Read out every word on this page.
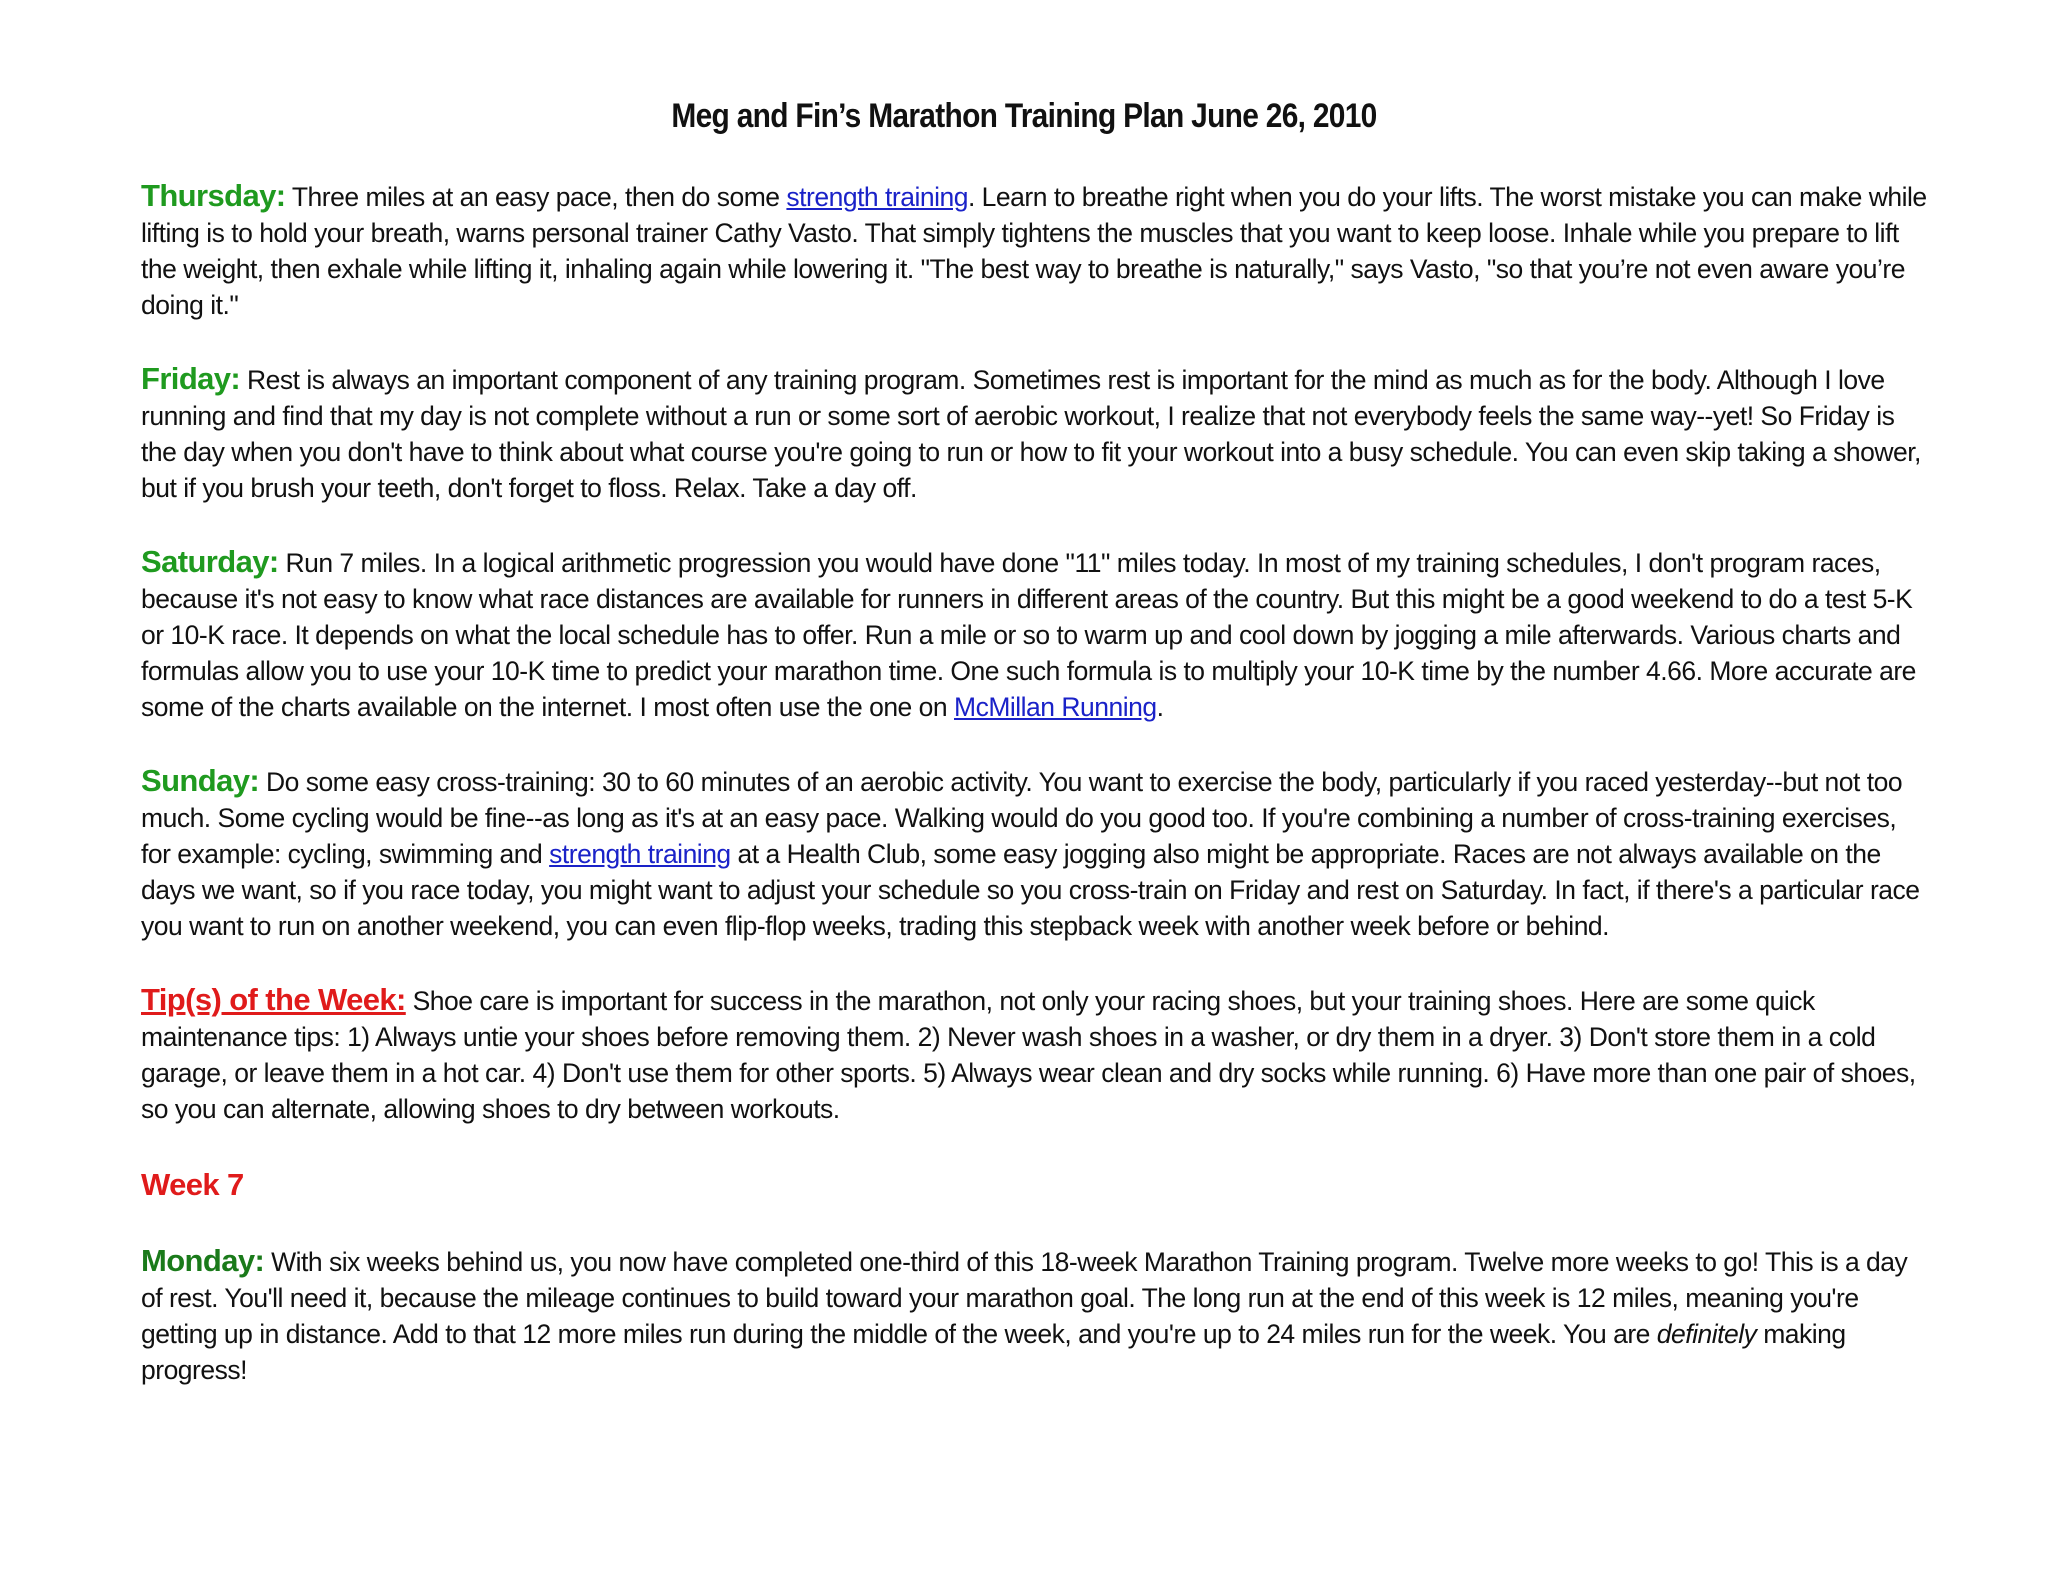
Meg and Fin’s Marathon Training Plan June 26, 2010

Thursday: Three miles at an easy pace, then do some strength training. Learn to breathe right when you do your lifts. The worst mistake you can make while lifting is to hold your breath, warns personal trainer Cathy Vasto. That simply tightens the muscles that you want to keep loose. Inhale while you prepare to lift the weight, then exhale while lifting it, inhaling again while lowering it. "The best way to breathe is naturally," says Vasto, "so that you’re not even aware you’re doing it."

Friday: Rest is always an important component of any training program. Sometimes rest is important for the mind as much as for the body. Although I love running and find that my day is not complete without a run or some sort of aerobic workout, I realize that not everybody feels the same way--yet! So Friday is the day when you don't have to think about what course you're going to run or how to fit your workout into a busy schedule. You can even skip taking a shower, but if you brush your teeth, don't forget to floss. Relax. Take a day off.

Saturday: Run 7 miles. In a logical arithmetic progression you would have done "11" miles today. In most of my training schedules, I don't program races, because it's not easy to know what race distances are available for runners in different areas of the country. But this might be a good weekend to do a test 5-K or 10-K race. It depends on what the local schedule has to offer. Run a mile or so to warm up and cool down by jogging a mile afterwards. Various charts and formulas allow you to use your 10-K time to predict your marathon time. One such formula is to multiply your 10-K time by the number 4.66. More accurate are some of the charts available on the internet. I most often use the one on McMillan Running.

Sunday: Do some easy cross-training: 30 to 60 minutes of an aerobic activity. You want to exercise the body, particularly if you raced yesterday--but not too much. Some cycling would be fine--as long as it's at an easy pace. Walking would do you good too. If you're combining a number of cross-training exercises, for example: cycling, swimming and strength training at a Health Club, some easy jogging also might be appropriate. Races are not always available on the days we want, so if you race today, you might want to adjust your schedule so you cross-train on Friday and rest on Saturday. In fact, if there's a particular race you want to run on another weekend, you can even flip-flop weeks, trading this stepback week with another week before or behind.

Tip(s) of the Week: Shoe care is important for success in the marathon, not only your racing shoes, but your training shoes. Here are some quick maintenance tips: 1) Always untie your shoes before removing them. 2) Never wash shoes in a washer, or dry them in a dryer. 3) Don't store them in a cold garage, or leave them in a hot car. 4) Don't use them for other sports. 5) Always wear clean and dry socks while running. 6) Have more than one pair of shoes, so you can alternate, allowing shoes to dry between workouts.

Week 7

Monday: With six weeks behind us, you now have completed one-third of this 18-week Marathon Training program. Twelve more weeks to go! This is a day of rest. You'll need it, because the mileage continues to build toward your marathon goal. The long run at the end of this week is 12 miles, meaning you're getting up in distance. Add to that 12 more miles run during the middle of the week, and you're up to 24 miles run for the week. You are definitely making progress!
